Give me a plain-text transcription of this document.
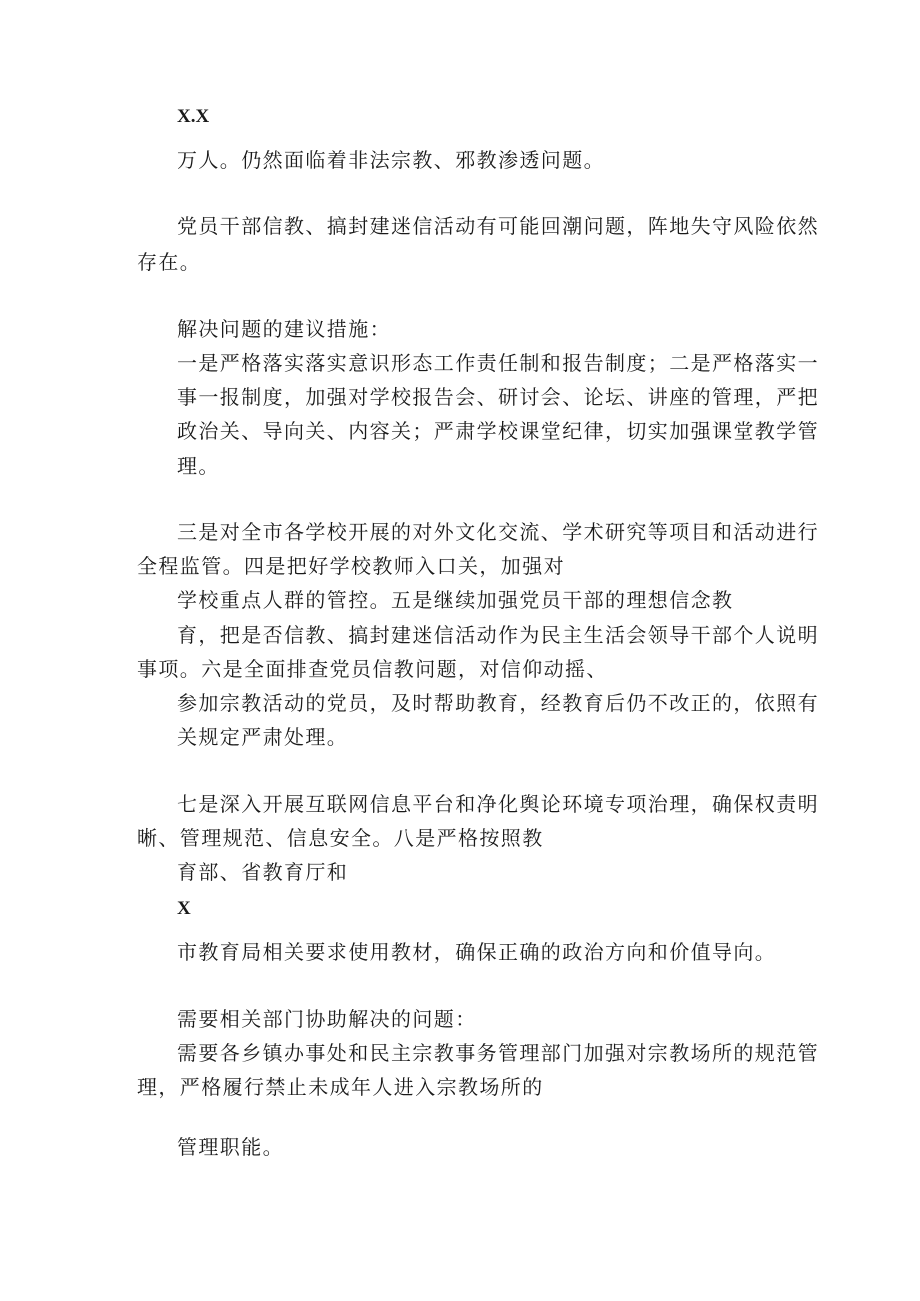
X.X
万人。仍然面临着非法宗教、邪教渗透问题。
党员干部信教、搞封建迷信活动有可能回潮问题，阵地失守风险依然
存在。
解决问题的建议措施：
一是严格落实落实意识形态工作责任制和报告制度；二是严格落实一
事一报制度，加强对学校报告会、研讨会、论坛、讲座的管理，严把
政治关、导向关、内容关；严肃学校课堂纪律，切实加强课堂教学管
理。
三是对全市各学校开展的对外文化交流、学术研究等项目和活动进行
全程监管。四是把好学校教师入口关，加强对
学校重点人群的管控。五是继续加强党员干部的理想信念教
育，把是否信教、搞封建迷信活动作为民主生活会领导干部个人说明
事项。六是全面排查党员信教问题，对信仰动摇、
参加宗教活动的党员，及时帮助教育，经教育后仍不改正的，依照有
关规定严肃处理。
七是深入开展互联网信息平台和净化舆论环境专项治理，确保权责明
晰、管理规范、信息安全。八是严格按照教
育部、省教育厅和
X
市教育局相关要求使用教材，确保正确的政治方向和价值导向。
需要相关部门协助解决的问题：
需要各乡镇办事处和民主宗教事务管理部门加强对宗教场所的规范管
理，严格履行禁止未成年人进入宗教场所的
管理职能。
